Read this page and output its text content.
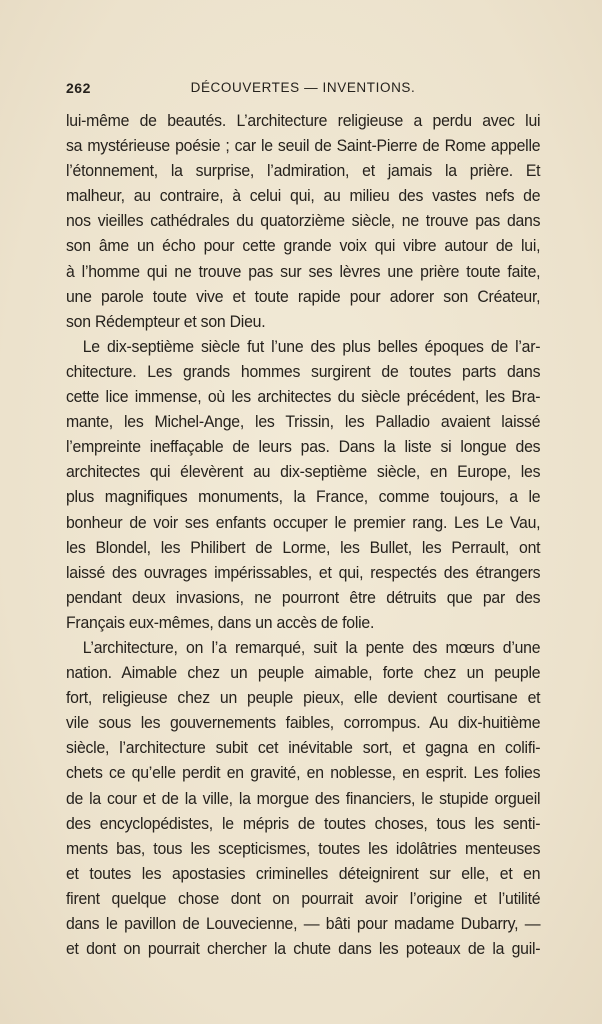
262	DÉCOUVERTES — INVENTIONS.
lui-même de beautés. L’architecture religieuse a perdu avec lui
sa mystérieuse poésie ; car le seuil de Saint-Pierre de Rome appelle
l’étonnement, la surprise, l’admiration, et jamais la prière. Et
malheur, au contraire, à celui qui, au milieu des vastes nefs de
nos vieilles cathédrales du quatorzième siècle, ne trouve pas dans
son âme un écho pour cette grande voix qui vibre autour de lui,
à l’homme qui ne trouve pas sur ses lèvres une prière toute faite,
une parole toute vive et toute rapide pour adorer son Créateur,
son Rédempteur et son Dieu.
Le dix-septième siècle fut l’une des plus belles époques de l’ar-
chitecture. Les grands hommes surgirent de toutes parts dans
cette lice immense, où les architectes du siècle précédent, les Bra-
mante, les Michel-Ange, les Trissin, les Palladio avaient laissé
l’empreinte ineffaçable de leurs pas. Dans la liste si longue des
architectes qui élevèrent au dix-septième siècle, en Europe, les
plus magnifiques monuments, la France, comme toujours, a le
bonheur de voir ses enfants occuper le premier rang. Les Le Vau,
les Blondel, les Philibert de Lorme, les Bullet, les Perrault, ont
laissé des ouvrages impérissables, et qui, respectés des étrangers
pendant deux invasions, ne pourront être détruits que par des
Français eux-mêmes, dans un accès de folie.
L’architecture, on l’a remarqué, suit la pente des mœurs d’une
nation. Aimable chez un peuple aimable, forte chez un peuple
fort, religieuse chez un peuple pieux, elle devient courtisane et
vile sous les gouvernements faibles, corrompus. Au dix-huitième
siècle, l’architecture subit cet inévitable sort, et gagna en colifi-
chets ce qu’elle perdit en gravité, en noblesse, en esprit. Les folies
de la cour et de la ville, la morgue des financiers, le stupide orgueil
des encyclopédistes, le mépris de toutes choses, tous les senti-
ments bas, tous les scepticismes, toutes les idolâtries menteuses
et toutes les apostasies criminelles déteignirent sur elle, et en
firent quelque chose dont on pourrait avoir l’origine et l’utilité
dans le pavillon de Louvecienne, — bâti pour madame Dubarry, —
et dont on pourrait chercher la chute dans les poteaux de la guil-
